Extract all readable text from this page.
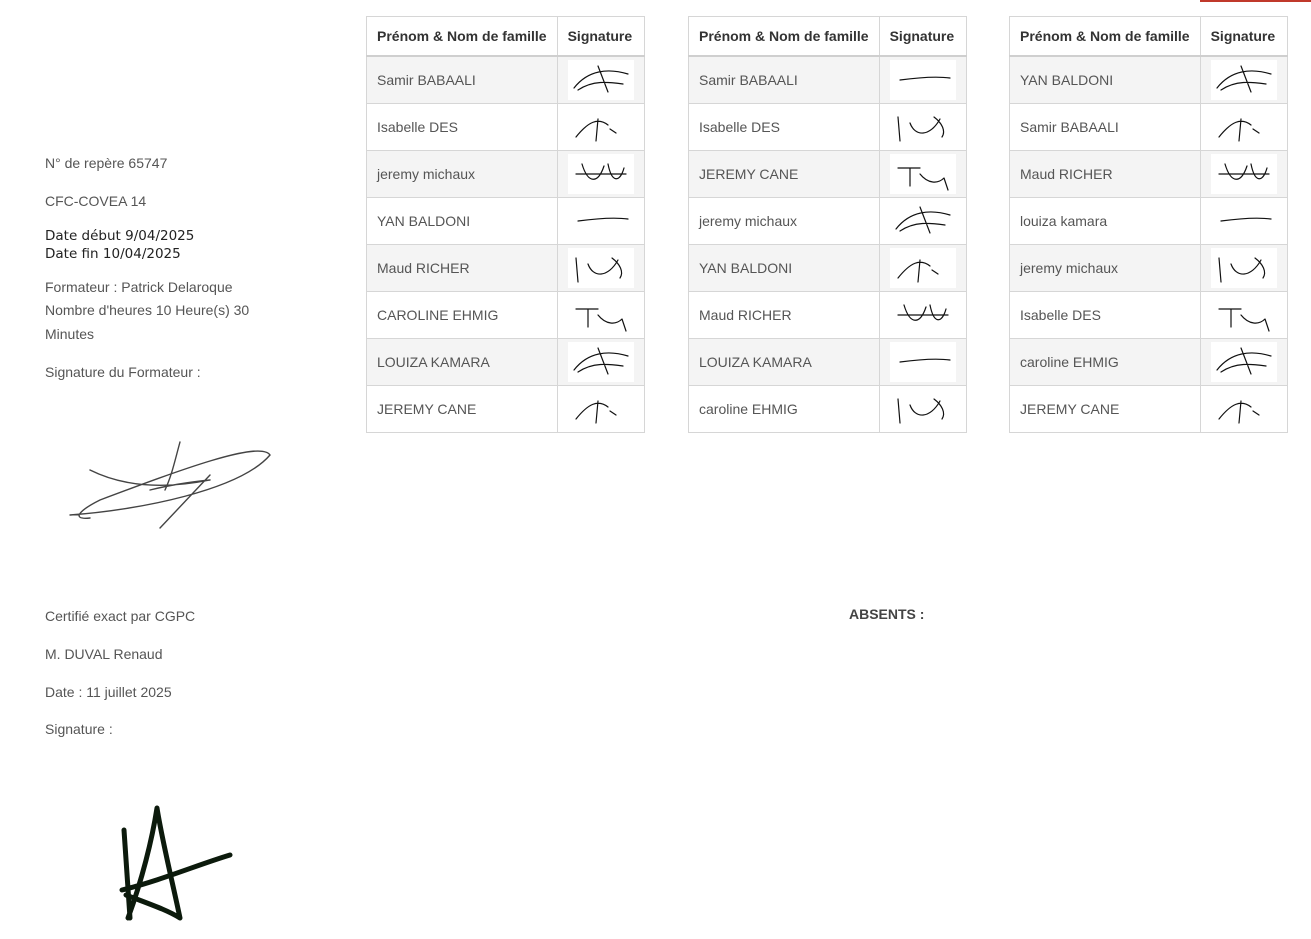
N° de repère 65747
CFC-COVEA 14
Date début 9/04/2025
Date fin 10/04/2025
Formateur : Patrick Delaroque
Nombre d'heures 10 Heure(s) 30
Minutes
Signature du Formateur :
Prénom & Nom de famille	Signature
Samir BABAALI	

Isabelle DES	

jeremy michaux	

YAN BALDONI	

Maud RICHER	

CAROLINE EHMIG	

LOUIZA KAMARA	

JEREMY CANE	
Prénom & Nom de famille	Signature
Samir BABAALI	

Isabelle DES	

JEREMY CANE	

jeremy michaux	

YAN BALDONI	

Maud RICHER	

LOUIZA KAMARA	

caroline EHMIG	
Prénom & Nom de famille	Signature
YAN BALDONI	

Samir BABAALI	

Maud RICHER	

louiza kamara	

jeremy michaux	

Isabelle DES	

caroline EHMIG	

JEREMY CANE	
Certifié exact par CGPC
M. DUVAL Renaud
Date : 11 juillet 2025
Signature :
ABSENTS :
